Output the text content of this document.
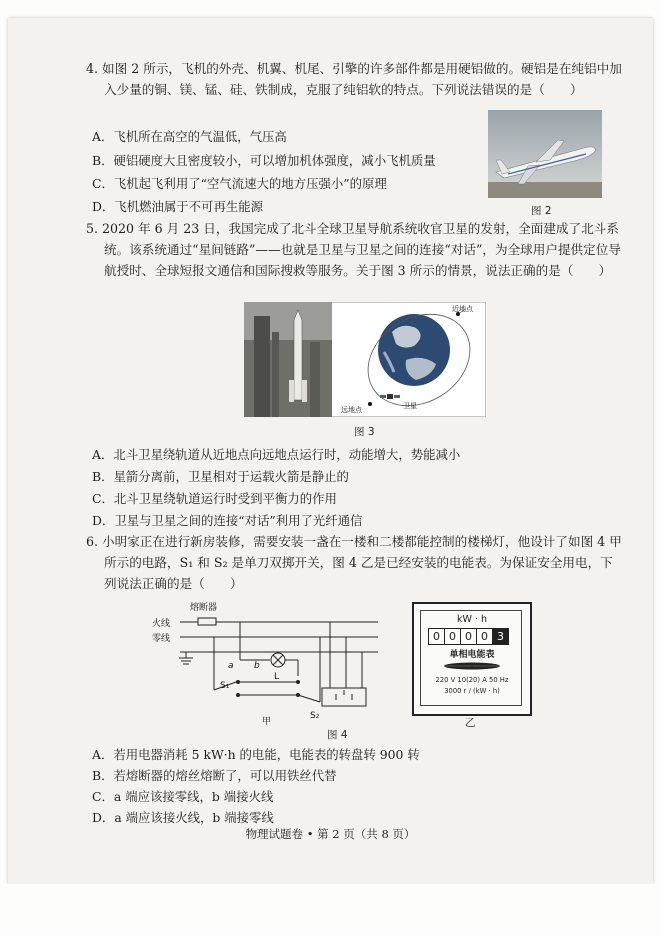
4. 如图 2 所示，飞机的外壳、机翼、机尾、引擎的许多部件都是用硬铝做的。硬铝是在纯铝中加入少量的铜、镁、锰、硅、铁制成，克服了纯铝软的特点。下列说法错误的是（　　）
A．飞机所在高空的气温低，气压高
B．硬铝硬度大且密度较小，可以增加机体强度，减小飞机质量
C．飞机起飞利用了“空气流速大的地方压强小”的原理
D．飞机燃油属于不可再生能源	图 2
5. 2020 年 6 月 23 日，我国完成了北斗全球卫星导航系统收官卫星的发射，全面建成了北斗系统。该系统通过“星间链路”——也就是卫星与卫星之间的连接“对话”，为全球用户提供定位导航授时、全球短报文通信和国际搜救等服务。关于图 3 所示的情景，说法正确的是（　　）
近地点
远地点	卫星
图 3
A．北斗卫星绕轨道从近地点向远地点运行时，动能增大，势能减小
B．星箭分离前，卫星相对于运载火箭是静止的
C．北斗卫星绕轨道运行时受到平衡力的作用
D．卫星与卫星之间的连接“对话”利用了光纤通信
6. 小明家正在进行新房装修，需要安装一盏在一楼和二楼都能控制的楼梯灯，他设计了如图 4 甲所示的电路，S₁ 和 S₂ 是单刀双掷开关，图 4 乙是已经安装的电能表。为保证安全用电，下列说法正确的是（　　）
熔断器
火线
零线
a b
L
S₁
S₂
甲
kW · h
0 0 0 0 3
单相电能表
220 V 10(20) A 50 Hz
3000 r / (kW · h)
乙
图 4
A．若用电器消耗 5 kW·h 的电能，电能表的转盘转 900 转
B．若熔断器的熔丝熔断了，可以用铁丝代替
C．a 端应该接零线，b 端接火线
D．a 端应该接火线，b 端接零线
物理试题卷 • 第 2 页（共 8 页）
